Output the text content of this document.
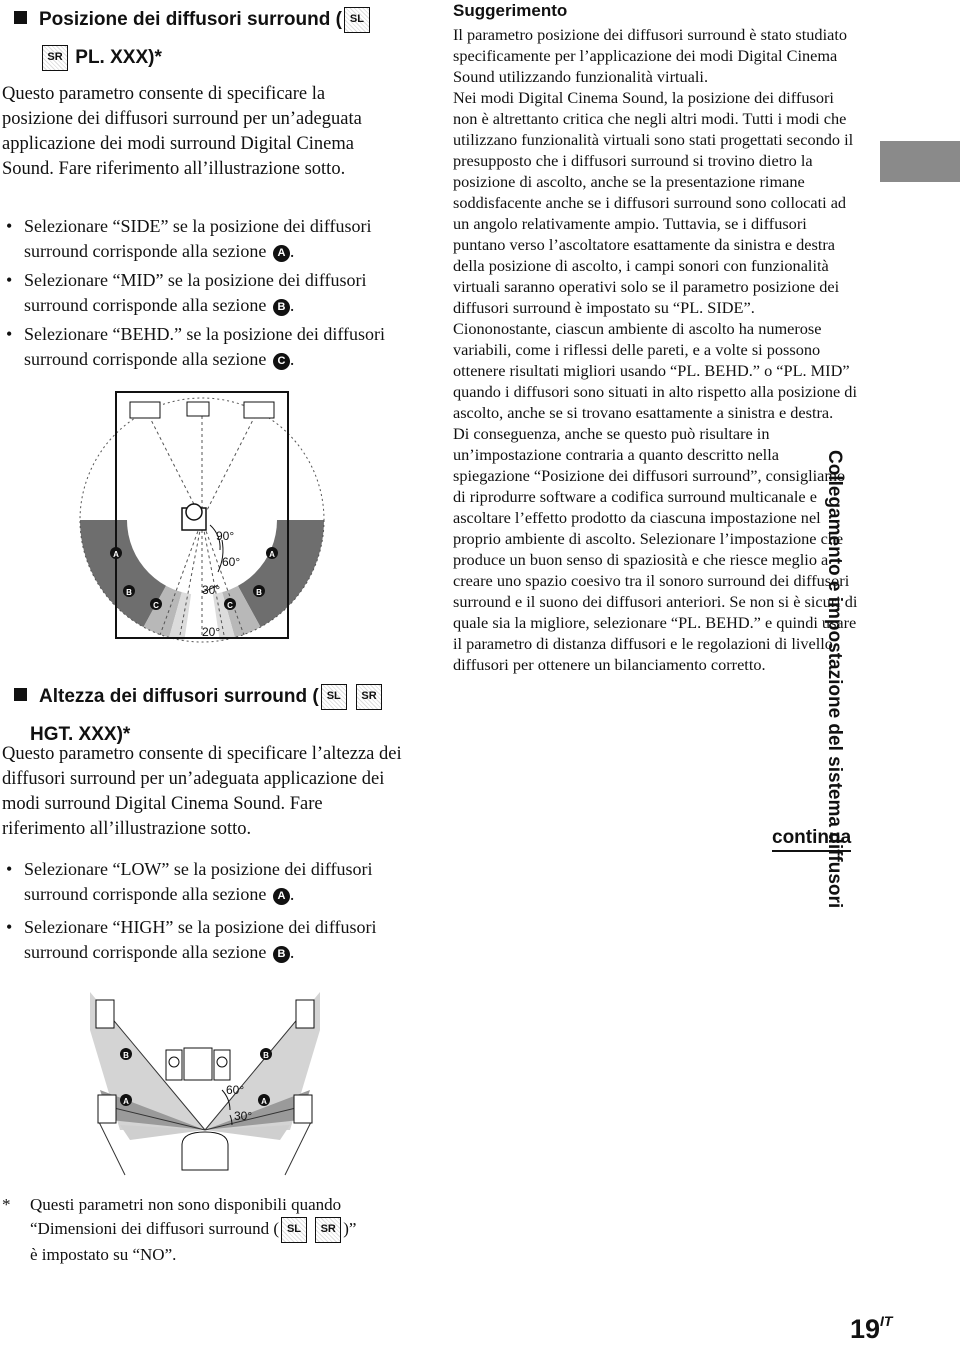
Posizione dei diffusori surround ( SL
SR PL. XXX)*
Questo parametro consente di specificare la posizione dei diffusori surround per un’adeguata applicazione dei modi surround Digital Cinema Sound. Fare riferimento all’illustrazione sotto.
• Selezionare “SIDE” se la posizione dei diffusori surround corrisponde alla sezione A .
• Selezionare “MID” se la posizione dei diffusori surround corrisponde alla sezione B .
• Selezionare “BEHD.” se la posizione dei diffusori surround corrisponde alla sezione C .
A	A
B	B
C	C
90°
60°
30°
20°
Altezza dei diffusori surround ( SL SR
HGT. XXX)*
Questo parametro consente di specificare l’altezza dei diffusori surround per un’adeguata applicazione dei modi surround Digital Cinema Sound. Fare riferimento all’illustrazione sotto.
• Selezionare “LOW” se la posizione dei diffusori surround corrisponde alla sezione A .
• Selezionare “HIGH” se la posizione dei diffusori surround corrisponde alla sezione B .
B	B
A	A
60°
30°
* Questi parametri non sono disponibili quando
“Dimensioni dei diffusori surround ( SL SR )”
è impostato su “NO”.
Suggerimento

Il parametro posizione dei diffusori surround è stato studiato specificamente per l’applicazione dei modi Digital Cinema Sound utilizzando funzionalità virtuali.

Nei modi Digital Cinema Sound, la posizione dei diffusori non è altrettanto critica che negli altri modi. Tutti i modi che utilizzano funzionalità virtuali sono stati progettati secondo il presupposto che i diffusori surround si trovino dietro la posizione di ascolto, anche se la presentazione rimane soddisfacente anche se i diffusori surround sono collocati ad un angolo relativamente ampio. Tuttavia, se i diffusori puntano verso l’ascoltatore esattamente da sinistra e destra della posizione di ascolto, i campi sonori con funzionalità virtuali saranno operativi solo se il parametro posizione dei diffusori surround è impostato su “PL. SIDE”.

Ciononostante, ciascun ambiente di ascolto ha numerose variabili, come i riflessi delle pareti, e a volte si possono ottenere risultati migliori usando “PL. BEHD.” o “PL. MID” quando i diffusori sono situati in alto rispetto alla posizione di ascolto, anche se si trovano esattamente a sinistra e destra.

Di conseguenza, anche se questo può risultare in un’impostazione contraria a quanto descritto nella spiegazione “Posizione dei diffusori surround”, consigliamo di riprodurre software a codifica surround multicanale e ascoltare l’effetto prodotto da ciascuna impostazione nel proprio ambiente di ascolto. Selezionare l’impostazione che produce un buon senso di spaziosità e che riesce meglio a creare uno spazio coesivo tra il sonoro surround dei diffusori surround e il suono dei diffusori anteriori. Se non si è sicuri di quale sia la migliore, selezionare “PL. BEHD.” e quindi usare il parametro di distanza diffusori e le regolazioni di livello diffusori per ottenere un bilanciamento corretto.

continua
Collegamento e impostazione del sistema diffusori
$19^{IT}$
